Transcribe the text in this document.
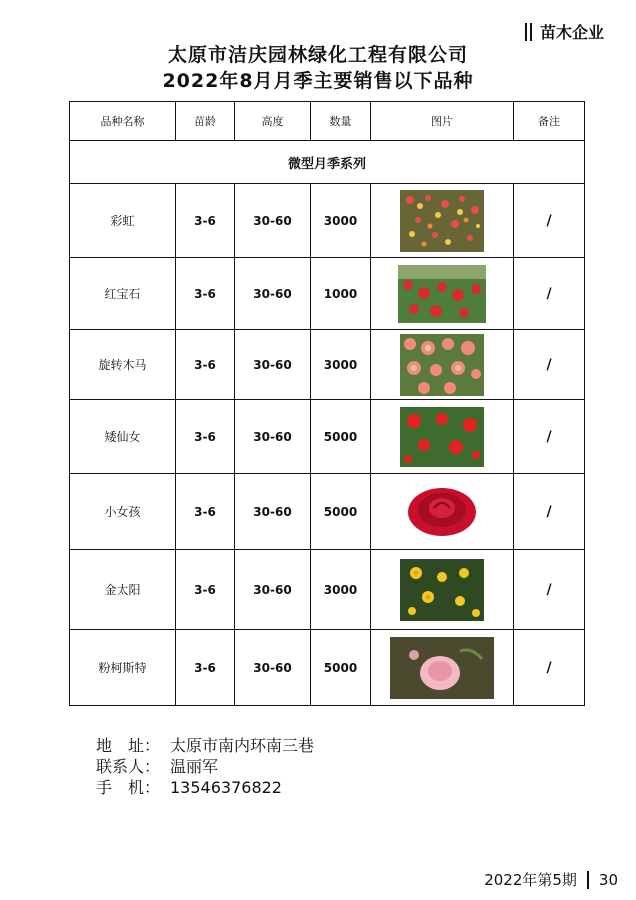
苗木企业
太原市洁庆园林绿化工程有限公司
2022年8月月季主要销售以下品种
品种名称	苗龄	高度	数量	图片	备注
微型月季系列					
彩虹	3-6	30-60	3000		/
红宝石	3-6	30-60	1000		/
旋转木马	3-6	30-60	3000		/
矮仙女	3-6	30-60	5000		/
小女孩	3-6	30-60	5000		/
金太阳	3-6	30-60	3000		/
粉柯斯特	3-6	30-60	5000		/
地　址： 太原市南内环南三巷
联系人： 温丽军
手　机： 13546376822
2022年第5期 30
